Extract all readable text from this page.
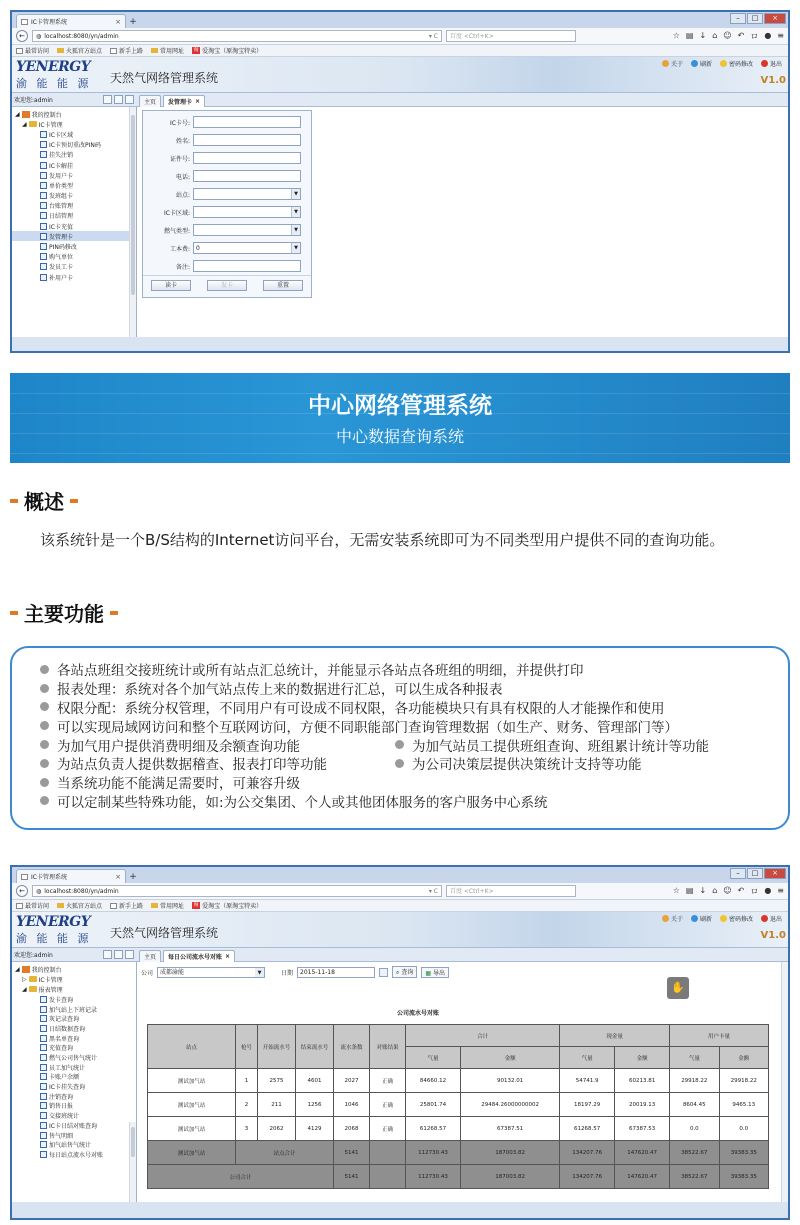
IC卡管理系统	× +	–	□	×
←	◍ localhost:8080/yn/admin	▾ C	百度 <Ctrl+K>	☆ ▤ ↓ ⌂ ☺ ↶ ロ ● ≡
最常访问	火狐官方站点	新手上路	常用网址 淘 爱淘宝（原淘宝特卖）
YENERGY
渝 能 能 源	天然气网络管理系统
关于	刷新	密码修改	退出
V1.0
欢迎您:admin	主页	发管理卡 ×
◢ 我的控制台
◢ IC卡管理
IC卡区域
IC卡预切重改PIN码
挂失注销
IC卡解挂
发用户卡
单价类型
发班组卡
台账管理
日结管理
IC卡充值
发管理卡
PIN码修改
购气单位
发员工卡
补用户卡
IC卡号:
姓名:
证件号:
电话:
站点:	▼
IC卡区域:	▼
燃气类型:	▼
工本费:	0	▼
备注:
读卡	发卡	重置
中心网络管理系统
中心数据查询系统
概述
该系统针是一个B/S结构的Internet访问平台，无需安装系统即可为不同类型用户提供不同的查询功能。
主要功能
各站点班组交接班统计或所有站点汇总统计，并能显示各站点各班组的明细，并提供打印
报表处理：系统对各个加气站点传上来的数据进行汇总，可以生成各种报表
权限分配：系统分权管理，不同用户有可设成不同权限，各功能模块只有具有权限的人才能操作和使用
可以实现局域网访问和整个互联网访问，方便不同职能部门查询管理数据（如生产、财务、管理部门等）
为加气用户提供消费明细及余额查询功能	为加气站员工提供班组查询、班组累计统计等功能
为站点负责人提供数据稽查、报表打印等功能	为公司决策层提供决策统计支持等功能
当系统功能不能满足需要时，可兼容升级
可以定制某些特殊功能，如:为公交集团、个人或其他团体服务的客户服务中心系统
IC卡管理系统	× +	–	□	×
←	◍ localhost:8080/yn/admin	▾ C	百度 <Ctrl+K>	☆ ▤ ↓ ⌂ ☺ ↶ ロ ● ≡
最常访问	火狐官方站点	新手上路	常用网址 淘 爱淘宝（原淘宝特卖）
YENERGY
渝 能 能 源	天然气网络管理系统
关于	刷新	密码修改	退出
V1.0
欢迎您:admin	主页	每日公司流水号对账 ×
◢ 我的控制台
▷ IC卡管理
◢ 报表管理
发卡查询
加气站上下班记录
灰记录查询
日结数据查询
黑名单查询
充值查询
燃气公司售气统计
员工加气统计
卡账户余额
IC卡挂失查询
注销查询
销售日报
交接班统计
IC卡日结对账查询
售气明细
加气站售气统计
每日站点流水号对账
公司	成都渝能	▼	日期	2015-11-18	⌕ 查询	▦ 导出
✋
公司流水号对账
站点	枪号	开始流水号	结束流水号	流水条数	对账结果	合计		现金量		用户卡量	
						气量	金额	气量	金额	气量	金额
测试加气站	1	2575	4601	2027	正确	84660.12	90132.01	54741.9	60213.81	29918.22	29918.22
测试加气站	2	211	1256	1046	正确	25801.74	29484.26000000002	18197.29	20019.13	8604.45	9465.13
测试加气站	3	2062	4129	2068	正确	61268.57	67387.51	61268.57	67387.53	0.0	0.0
测试加气站	站点合计			5141		112730.43	187003.82	134207.76	147620.47	38522.67	39383.35
公司合计				5141		112730.43	187003.82	134207.76	147620.47	38522.67	39383.35
